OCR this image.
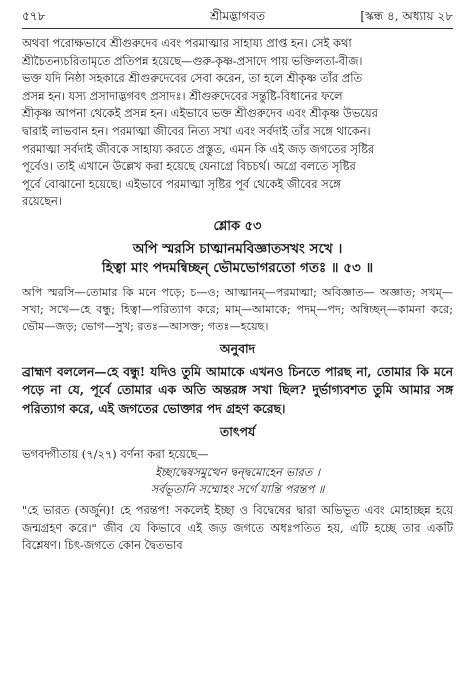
৫৭৮	[স্কন্ধ ৪, অধ্যায় ২৮
শ্রীমদ্ভাগবত

অথবা পরোক্ষভাবে শ্রীগুরুদেব এবং পরমাত্মার সাহায্য প্রাপ্ত হন। সেই কথা

শ্রীচৈতন্যচরিতামৃতে প্রতিপন্ন হয়েছে—গুরু-কৃষ্ণ-প্রসাদে পায় ভক্তিলতা-বীজ।

ভক্ত যদি নিষ্ঠা সহকারে শ্রীগুরুদেবের সেবা করেন, তা হলে শ্রীকৃষ্ণ তাঁর প্রতি

প্রসন্ন হন। যস্য প্রসাদাদ্ভগবৎ প্রসাদঃ। শ্রীগুরুদেবের সন্তুষ্টি-বিধানের ফলে

শ্রীকৃষ্ণ আপনা থেকেই প্রসন্ন হন। এইভাবে ভক্ত শ্রীগুরুদেব এবং শ্রীকৃষ্ণ উভয়ের

দ্বারাই লাভবান হন। পরমাত্মা জীবের নিত্য সখা এবং সর্বদাই তাঁর সঙ্গে থাকেন।

পরমাত্মা সর্বদাই জীবকে সাহায্য করতে প্রস্তুত, এমন কি এই জড় জগতের সৃষ্টির

পূর্বেও। তাই এখানে উল্লেখ করা হয়েছে যেনাগ্রে বিচচর্থ। অগ্রে বলতে সৃষ্টির

পূর্বে বোঝানো হয়েছে। এইভাবে পরমাত্মা সৃষ্টির পূর্ব থেকেই জীবের সঙ্গে

রয়েছেন।

শ্লোক ৫৩
অপি স্মরসি চাত্মানমবিজ্ঞাতসখং সখে ।
হিত্বা মাং পদমন্বিচ্ছন্ ভৌমভোগরতো গতঃ ॥ ৫৩ ॥

অপি স্মরসি—তোমার কি মনে পড়ে; চ—ও; আত্মানম্—পরমাত্মা; অবিজ্ঞাত— অজ্ঞাত; সখম্—সখা; সখে—হে বন্ধু; হিত্বা—পরিত্যাগ করে; মাম্—আমাকে; পদম্—পদ; অন্বিচ্ছন্—কামনা করে; ভৌম—জড়; ভোগ—সুখ; রতঃ—আসক্ত; গতঃ—হয়েছ।

অনুবাদ

ব্রাহ্মণ বললেন—হে বন্ধু! যদিও তুমি আমাকে এখনও চিনতে পারছ না, তোমার কি মনে পড়ে না যে, পূর্বে তোমার এক অতি অন্তরঙ্গ সখা ছিল? দুর্ভাগ্যবশত তুমি আমার সঙ্গ পরিত্যাগ করে, এই জগতের ভোক্তার পদ গ্রহণ করেছ।

তাৎপর্য

ভগবদ্গীতায় (৭/২৭) বর্ণনা করা হয়েছে—

ইচ্ছাদ্বেষসমুত্থেন দ্বন্দ্বমোহেন ভারত ।
সর্বভূতানি সম্মোহং সর্গে যান্তি পরন্তপ ॥

"হে ভারত (অর্জুন)! হে পরন্তপ! সকলেই ইচ্ছা ও বিদ্বেষের দ্বারা অভিভূত এবং মোহাচ্ছন্ন হয়ে জন্মগ্রহণ করে।" জীব যে কিভাবে এই জড় জগতে অধঃপতিত হয়, এটি হচ্ছে তার একটি বিশ্লেষণ। চিৎ-জগতে কোন দ্বৈতভাব
